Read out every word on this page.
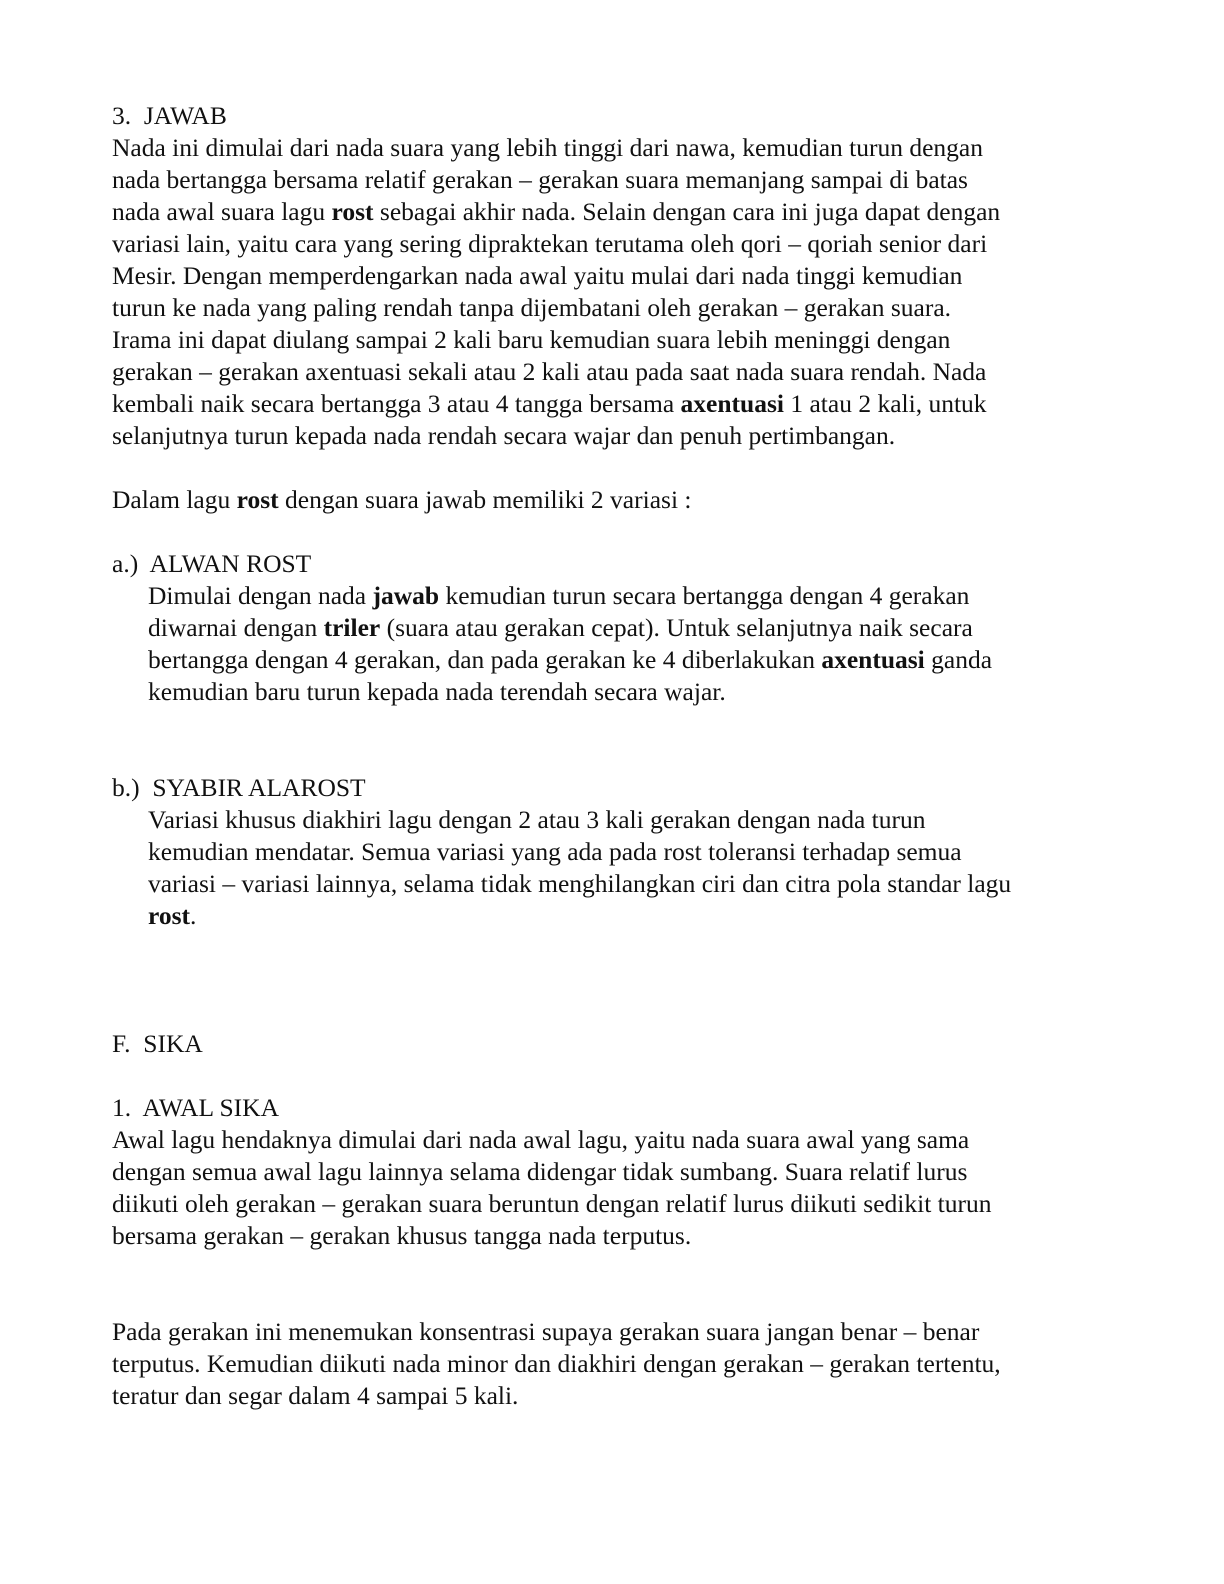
3. JAWAB
Nada ini dimulai dari nada suara yang lebih tinggi dari nawa, kemudian turun dengan
nada bertangga bersama relatif gerakan – gerakan suara memanjang sampai di batas
nada awal suara lagu rost sebagai akhir nada. Selain dengan cara ini juga dapat dengan
variasi lain, yaitu cara yang sering dipraktekan terutama oleh qori – qoriah senior dari
Mesir. Dengan memperdengarkan nada awal yaitu mulai dari nada tinggi kemudian
turun ke nada yang paling rendah tanpa dijembatani oleh gerakan – gerakan suara.
Irama ini dapat diulang sampai 2 kali baru kemudian suara lebih meninggi dengan
gerakan – gerakan axentuasi sekali atau 2 kali atau pada saat nada suara rendah. Nada
kembali naik secara bertangga 3 atau 4 tangga bersama axentuasi 1 atau 2 kali, untuk
selanjutnya turun kepada nada rendah secara wajar dan penuh pertimbangan.
Dalam lagu rost dengan suara jawab memiliki 2 variasi :
a.) ALWAN ROST
Dimulai dengan nada jawab kemudian turun secara bertangga dengan 4 gerakan
diwarnai dengan triler (suara atau gerakan cepat). Untuk selanjutnya naik secara
bertangga dengan 4 gerakan, dan pada gerakan ke 4 diberlakukan axentuasi ganda
kemudian baru turun kepada nada terendah secara wajar.
b.) SYABIR ALAROST
Variasi khusus diakhiri lagu dengan 2 atau 3 kali gerakan dengan nada turun
kemudian mendatar. Semua variasi yang ada pada rost toleransi terhadap semua
variasi – variasi lainnya, selama tidak menghilangkan ciri dan citra pola standar lagu
rost.
F. SIKA
1. AWAL SIKA
Awal lagu hendaknya dimulai dari nada awal lagu, yaitu nada suara awal yang sama
dengan semua awal lagu lainnya selama didengar tidak sumbang. Suara relatif lurus
diikuti oleh gerakan – gerakan suara beruntun dengan relatif lurus diikuti sedikit turun
bersama gerakan – gerakan khusus tangga nada terputus.
Pada gerakan ini menemukan konsentrasi supaya gerakan suara jangan benar – benar
terputus. Kemudian diikuti nada minor dan diakhiri dengan gerakan – gerakan tertentu,
teratur dan segar dalam 4 sampai 5 kali.
